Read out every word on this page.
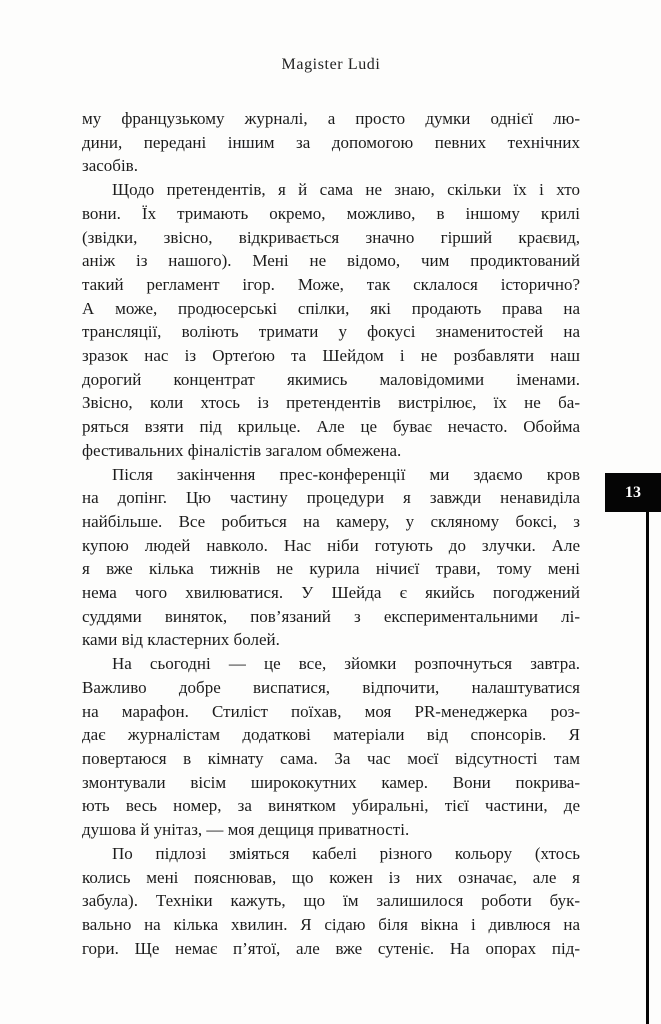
Magister Ludi

му французькому журналі, а просто думки однієї лю-
дини, передані іншим за допомогою певних технічних
засобів.

Щодо претендентів, я й сама не знаю, скільки їх і хто
вони. Їх тримають окремо, можливо, в іншому крилі
(звідки, звісно, відкривається значно гірший краєвид,
аніж із нашого). Мені не відомо, чим продиктований
такий регламент ігор. Може, так склалося історично?
А може, продюсерські спілки, які продають права на
трансляції, воліють тримати у фокусі знаменитостей на
зразок нас із Ортеґою та Шейдом і не розбавляти наш
дорогий концентрат якимись маловідомими іменами.
Звісно, коли хтось із претендентів вистрілює, їх не ба-
ряться взяти під крильце. Але це буває нечасто. Обойма
фестивальних фіналістів загалом обмежена.

Після закінчення прес-конференції ми здаємо кров
на допінг. Цю частину процедури я завжди ненавиділа
найбільше. Все робиться на камеру, у скляному боксі, з
купою людей навколо. Нас ніби готують до злучки. Але
я вже кілька тижнів не курила нічиєї трави, тому мені
нема чого хвилюватися. У Шейда є якийсь погоджений
суддями виняток, пов’язаний з експериментальними лі-
ками від кластерних болей.

На сьогодні — це все, зйомки розпочнуться завтра.
Важливо добре виспатися, відпочити, налаштуватися
на марафон. Стиліст поїхав, моя PR-менеджерка роз-
дає журналістам додаткові матеріали від спонсорів. Я
повертаюся в кімнату сама. За час моєї відсутності там
змонтували вісім ширококутних камер. Вони покрива-
ють весь номер, за винятком убиральні, тієї частини, де
душова й унітаз, — моя дещиця приватності.

По підлозі зміяться кабелі різного кольору (хтось
колись мені пояснював, що кожен із них означає, але я
забула). Техніки кажуть, що їм залишилося роботи бук-
вально на кілька хвилин. Я сідаю біля вікна і дивлюся на
гори. Ще немає п’ятої, але вже сутеніє. На опорах під-

13
